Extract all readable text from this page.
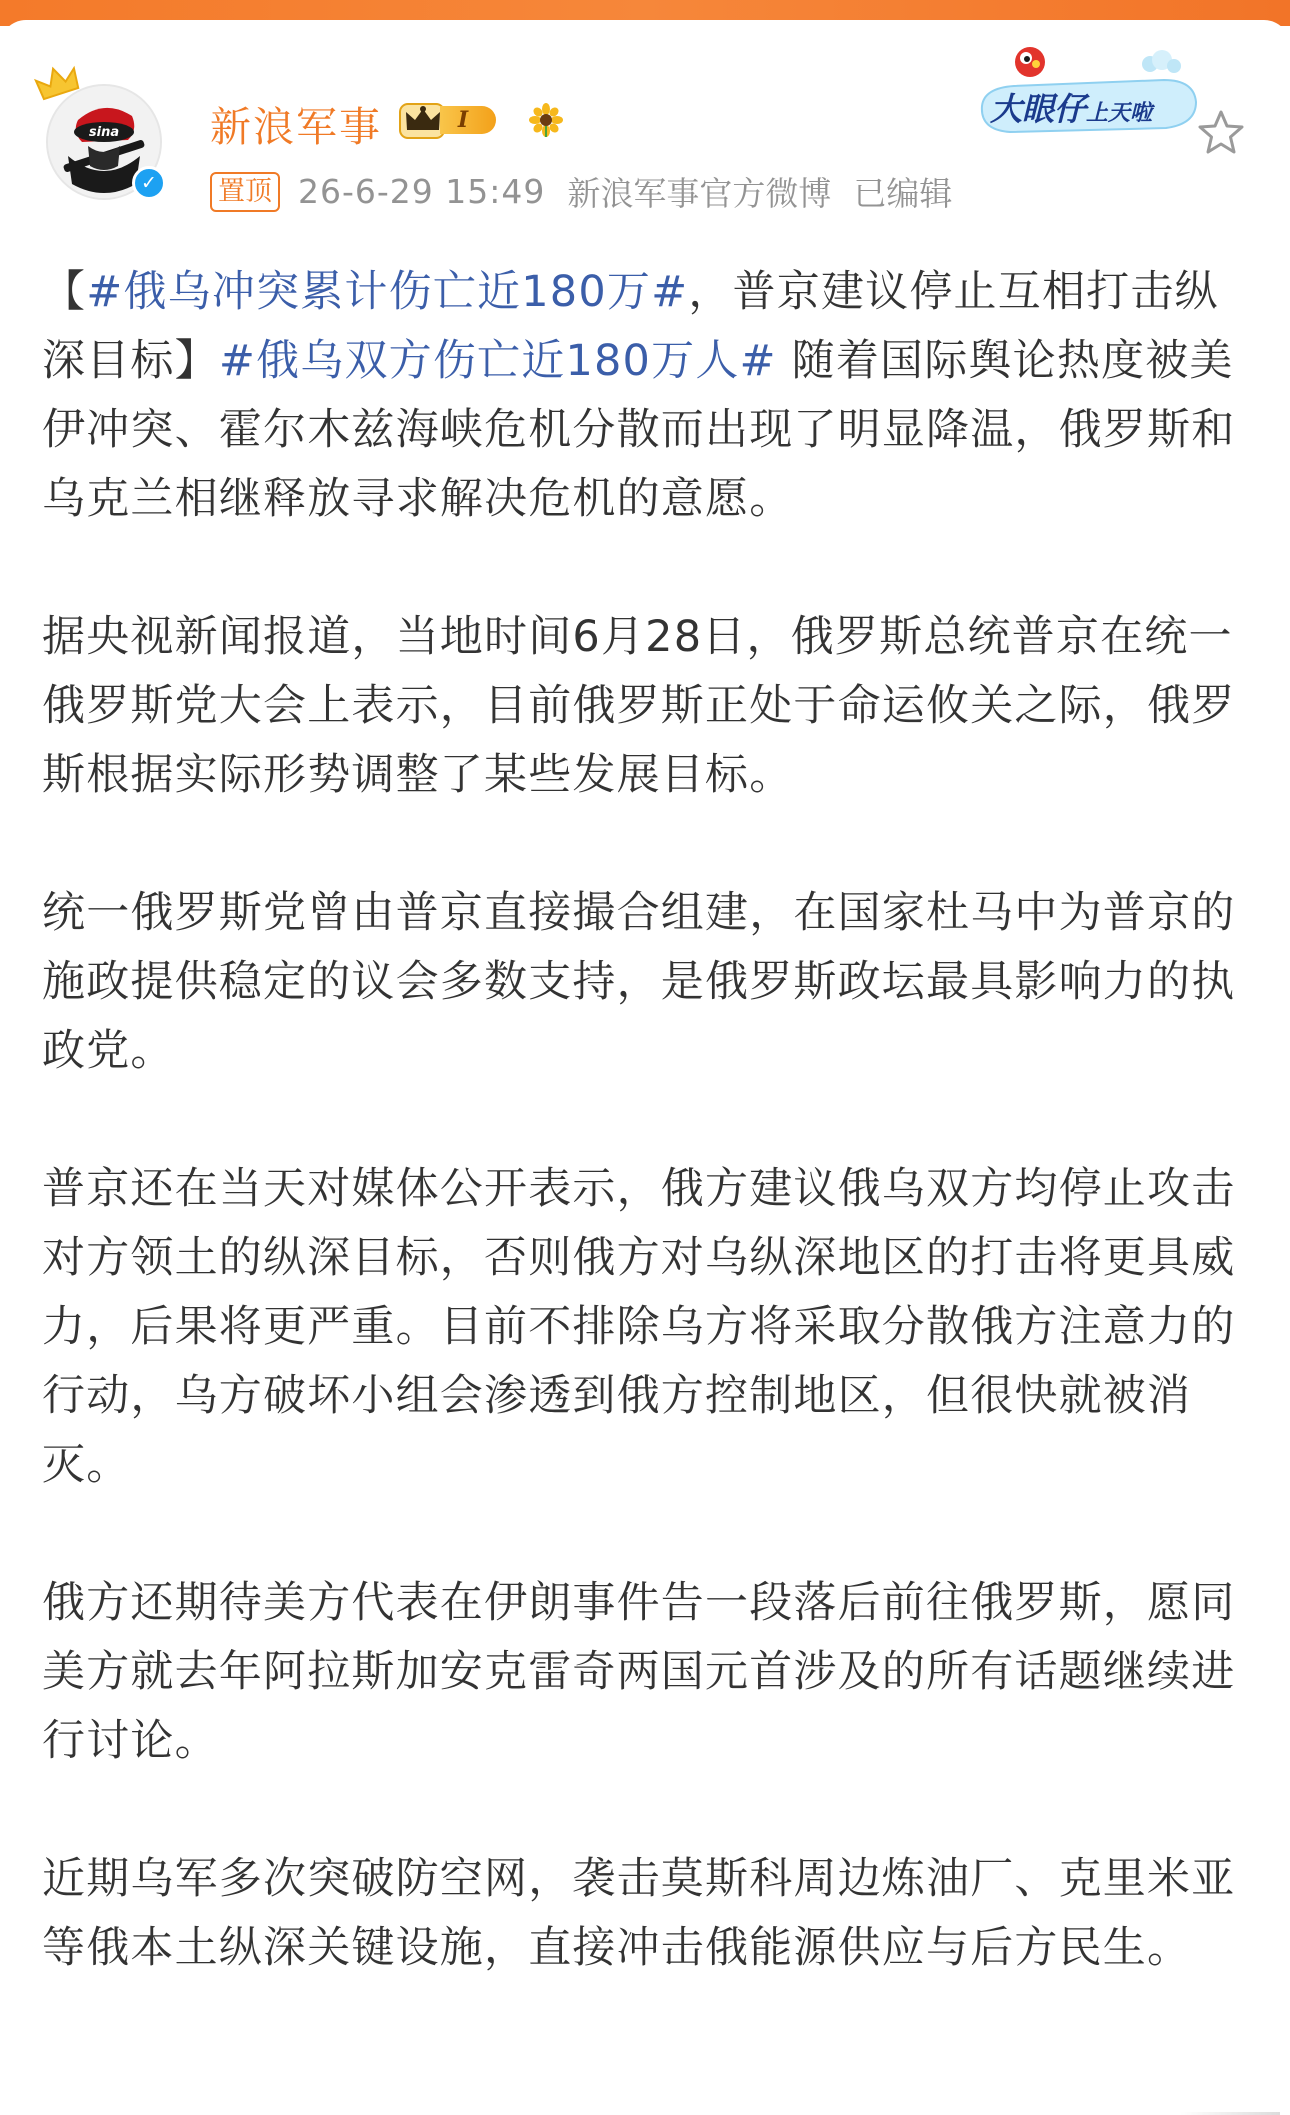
sina
✓
新浪军事	I
置顶 26-6-29 15:49 新浪军事官方微博 已编辑
大眼仔上天啦

【#俄乌冲突累计伤亡近180万#，普京建议停止互相打击纵深目标】#俄乌双方伤亡近180万人# 随着国际舆论热度被美伊冲突、霍尔木兹海峡危机分散而出现了明显降温，俄罗斯和乌克兰相继释放寻求解决危机的意愿。

据央视新闻报道，当地时间6月28日，俄罗斯总统普京在统一俄罗斯党大会上表示，目前俄罗斯正处于命运攸关之际，俄罗斯根据实际形势调整了某些发展目标。

统一俄罗斯党曾由普京直接撮合组建，在国家杜马中为普京的施政提供稳定的议会多数支持，是俄罗斯政坛最具影响力的执政党。

普京还在当天对媒体公开表示，俄方建议俄乌双方均停止攻击对方领土的纵深目标，否则俄方对乌纵深地区的打击将更具威力，后果将更严重。目前不排除乌方将采取分散俄方注意力的行动，乌方破坏小组会渗透到俄方控制地区，但很快就被消灭。

俄方还期待美方代表在伊朗事件告一段落后前往俄罗斯，愿同美方就去年阿拉斯加安克雷奇两国元首涉及的所有话题继续进行讨论。

近期乌军多次突破防空网，袭击莫斯科周边炼油厂、克里米亚等俄本土纵深关键设施，直接冲击俄能源供应与后方民生。
